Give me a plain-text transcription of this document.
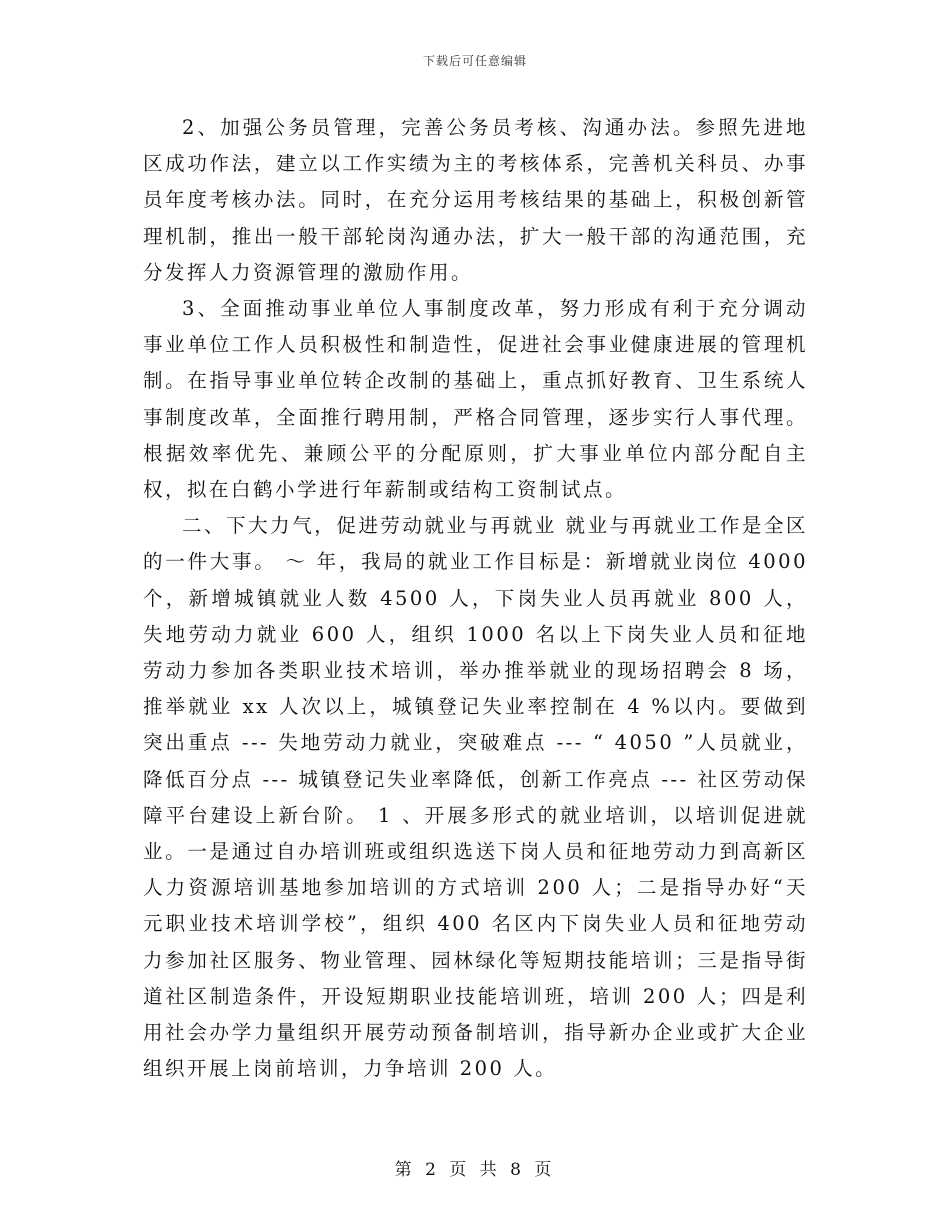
下载后可任意编辑

2、加强公务员管理，完善公务员考核、沟通办法。参照先进地区成功作法，建立以工作实绩为主的考核体系，完善机关科员、办事员年度考核办法。同时，在充分运用考核结果的基础上，积极创新管理机制，推出一般干部轮岗沟通办法，扩大一般干部的沟通范围，充分发挥人力资源管理的激励作用。

3、全面推动事业单位人事制度改革，努力形成有利于充分调动事业单位工作人员积极性和制造性，促进社会事业健康进展的管理机制。在指导事业单位转企改制的基础上，重点抓好教育、卫生系统人事制度改革，全面推行聘用制，严格合同管理，逐步实行人事代理。根据效率优先、兼顾公平的分配原则，扩大事业单位内部分配自主权，拟在白鹤小学进行年薪制或结构工资制试点。

二、下大力气，促进劳动就业与再就业 就业与再就业工作是全区的一件大事。 ～ 年，我局的就业工作目标是：新增就业岗位 4000 个，新增城镇就业人数 4500 人，下岗失业人员再就业 800 人，失地劳动力就业 600 人，组织 1000 名以上下岗失业人员和征地劳动力参加各类职业技术培训，举办推举就业的现场招聘会 8 场，推举就业 xx 人次以上，城镇登记失业率控制在 4 %以内。要做到突出重点 --- 失地劳动力就业，突破难点 --- “ 4050 ”人员就业，降低百分点 --- 城镇登记失业率降低，创新工作亮点 --- 社区劳动保障平台建设上新台阶。 1 、开展多形式的就业培训，以培训促进就业。一是通过自办培训班或组织选送下岗人员和征地劳动力到高新区人力资源培训基地参加培训的方式培训 200 人；二是指导办好“天元职业技术培训学校”，组织 400 名区内下岗失业人员和征地劳动力参加社区服务、物业管理、园林绿化等短期技能培训；三是指导街道社区制造条件，开设短期职业技能培训班，培训 200 人；四是利用社会办学力量组织开展劳动预备制培训，指导新办企业或扩大企业组织开展上岗前培训，力争培训 200 人。

第 2 页 共 8 页
